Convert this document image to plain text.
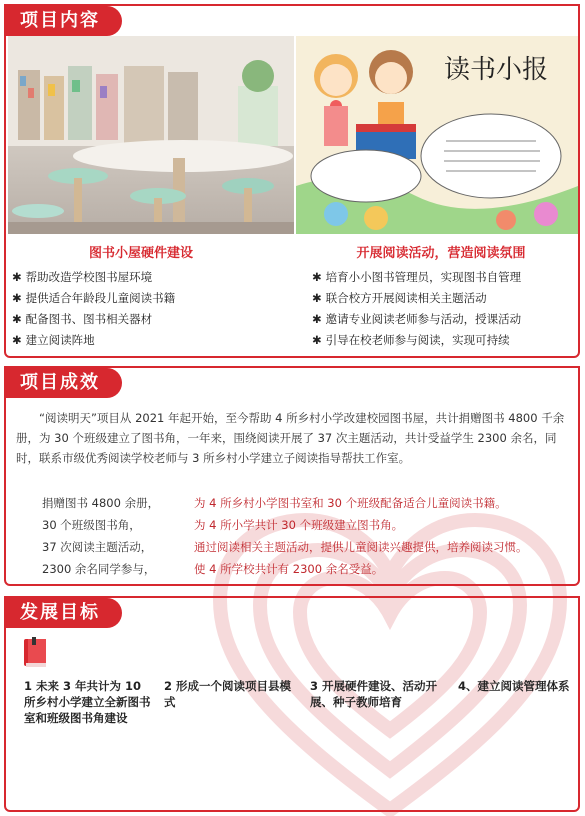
项目内容
读书小报
图书小屋硬件建设
✱ 帮助改造学校图书屋环境
✱ 提供适合年龄段儿童阅读书籍
✱ 配备图书、图书相关器材
✱ 建立阅读阵地
开展阅读活动，营造阅读氛围
✱ 培育小小图书管理员，实现图书自管理
✱ 联合校方开展阅读相关主题活动
✱ 邀请专业阅读老师参与活动，授课活动
✱ 引导在校老师参与阅读，实现可持续
项目成效

“阅读明天”项目从 2021 年起开始，至今帮助 4 所乡村小学改建校园图书屋，共计捐赠图书 4800 千余册，为 30 个班级建立了图书角，一年来，围绕阅读开展了 37 次主题活动，共计受益学生 2300 余名，同时，联系市级优秀阅读学校老师与 3 所乡村小学建立子阅读指导帮扶工作室。

捐赠图书 4800 余册，	为 4 所乡村小学图书室和 30 个班级配备适合儿童阅读书籍。
30 个班级图书角，	为 4 所小学共计 30 个班级建立图书角。
37 次阅读主题活动，	通过阅读相关主题活动，提供儿童阅读兴趣提供，培养阅读习惯。
2300 余名同学参与，	使 4 所学校共计有 2300 余名受益。
发展目标
1 未来 3 年共计为 10 所乡村小学建立全新图书室和班级图书角建设
2 形成一个阅读项目县模式
3 开展硬件建设、活动开展、种子教师培育
4、建立阅读管理体系
